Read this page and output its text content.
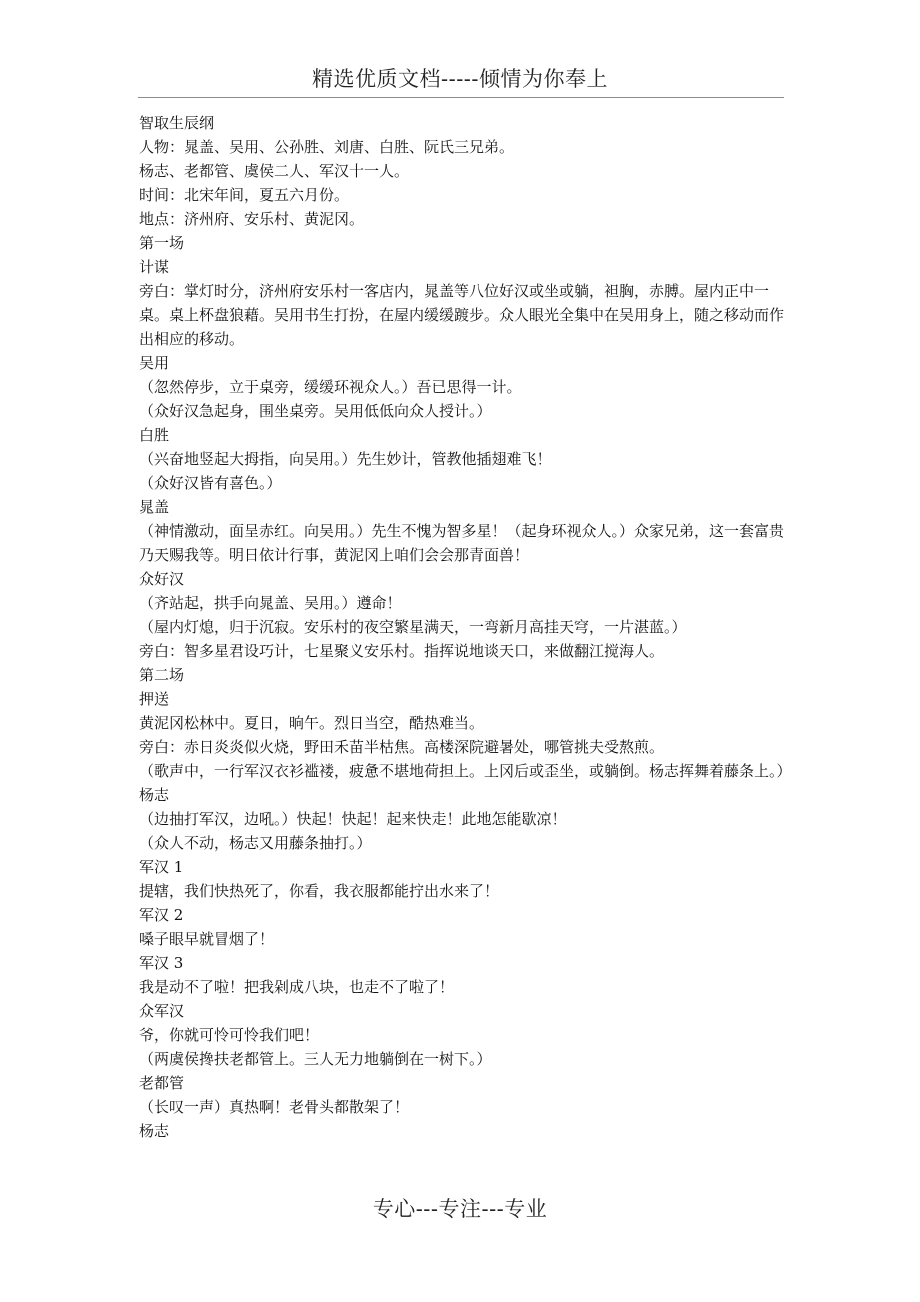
精选优质文档-----倾情为你奉上

智取生辰纲

人物：晁盖、吴用、公孙胜、刘唐、白胜、阮氏三兄弟。

杨志、老都管、虞侯二人、军汉十一人。

时间：北宋年间，夏五六月份。

地点：济州府、安乐村、黄泥冈。

第一场

计谋

旁白：掌灯时分，济州府安乐村一客店内，晁盖等八位好汉或坐或躺，袒胸，赤膊。屋内正中一桌。桌上杯盘狼藉。吴用书生打扮，在屋内缓缓踱步。众人眼光全集中在吴用身上，随之移动而作出相应的移动。

吴用

（忽然停步，立于桌旁，缓缓环视众人。）吾已思得一计。

（众好汉急起身，围坐桌旁。吴用低低向众人授计。）

白胜

（兴奋地竖起大拇指，向吴用。）先生妙计，管教他插翅难飞！

（众好汉皆有喜色。）

晁盖

（神情激动，面呈赤红。向吴用。）先生不愧为智多星！（起身环视众人。）众家兄弟，这一套富贵乃天赐我等。明日依计行事，黄泥冈上咱们会会那青面兽！

众好汉

（齐站起，拱手向晁盖、吴用。）遵命！

（屋内灯熄，归于沉寂。安乐村的夜空繁星满天，一弯新月高挂天穹，一片湛蓝。）

旁白：智多星君设巧计，七星聚义安乐村。指挥说地谈天口，来做翻江搅海人。

第二场

押送

黄泥冈松林中。夏日，晌午。烈日当空，酷热难当。

旁白：赤日炎炎似火烧，野田禾苗半枯焦。高楼深院避暑处，哪管挑夫受熬煎。

（歌声中，一行军汉衣衫褴褛，疲惫不堪地荷担上。上冈后或歪坐，或躺倒。杨志挥舞着藤条上。）

杨志

（边抽打军汉，边吼。）快起！快起！起来快走！此地怎能歇凉！

（众人不动，杨志又用藤条抽打。）

军汉 1

提辖，我们快热死了，你看，我衣服都能拧出水来了！

军汉 2

嗓子眼早就冒烟了！

军汉 3

我是动不了啦！把我剁成八块，也走不了啦了！

众军汉

爷，你就可怜可怜我们吧！

（两虞侯搀扶老都管上。三人无力地躺倒在一树下。）

老都管

（长叹一声）真热啊！老骨头都散架了！

杨志

专心---专注---专业
